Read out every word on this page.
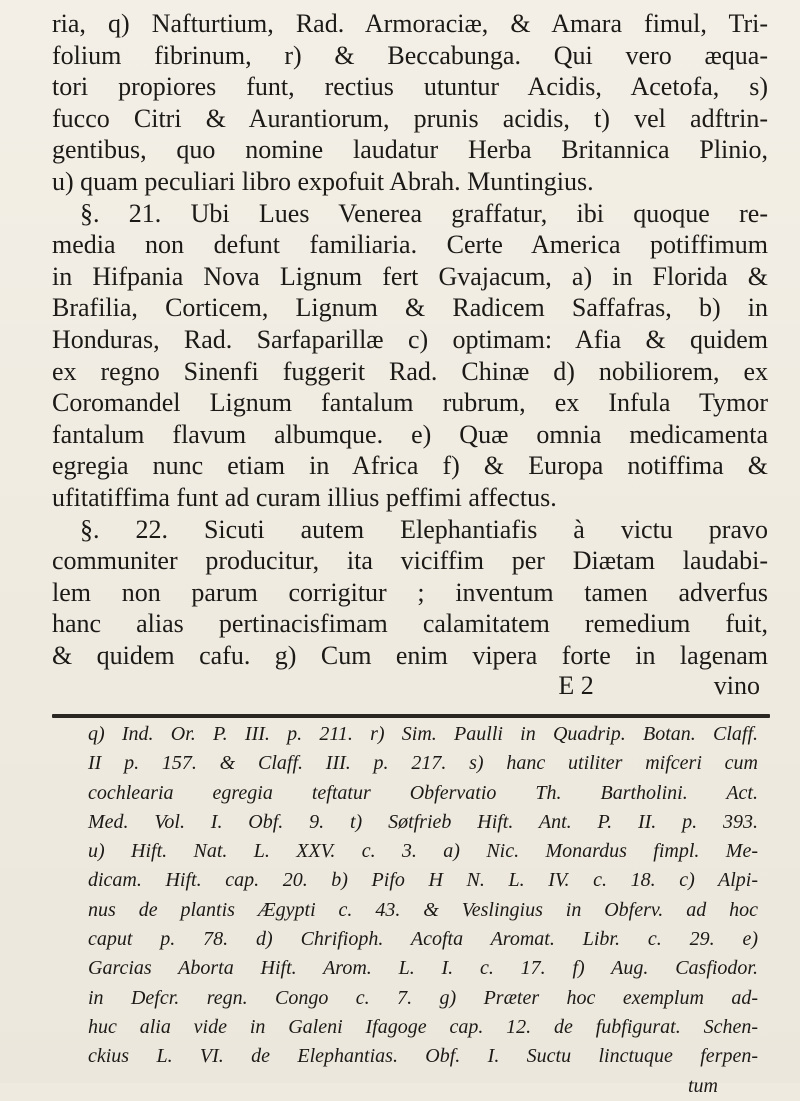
ria, q) Nafturtium, Rad. Armoraciæ, & Amara fimul, Tri-

folium fibrinum, r) & Beccabunga. Qui vero æqua-

tori propiores funt, rectius utuntur Acidis, Acetofa, s)

fucco Citri & Aurantiorum, prunis acidis, t) vel adftrin-

gentibus, quo nomine laudatur Herba Britannica Plinio,

u) quam peculiari libro expofuit Abrah. Muntingius.

§. 21. Ubi Lues Venerea graffatur, ibi quoque re-

media non defunt familiaria. Certe America potiffimum

in Hifpania Nova Lignum fert Gvajacum, a) in Florida &

Brafilia, Corticem, Lignum & Radicem Saffafras, b) in

Honduras, Rad. Sarfaparillæ c) optimam: Afia & quidem

ex regno Sinenfi fuggerit Rad. Chinæ d) nobiliorem, ex

Coromandel Lignum fantalum rubrum, ex Infula Tymor

fantalum flavum albumque. e) Quæ omnia medicamenta

egregia nunc etiam in Africa f) & Europa notiffima &

ufitatiffima funt ad curam illius peffimi affectus.

§. 22. Sicuti autem Elephantiafis à victu pravo

communiter producitur, ita viciffim per Diætam laudabi-

lem non parum corrigitur ; inventum tamen adverfus

hanc alias pertinacisfimam calamitatem remedium fuit,

& quidem cafu. g) Cum enim vipera forte in lagenam

E 2	vino

q) Ind. Or. P. III. p. 211. r) Sim. Paulli in Quadrip. Botan. Claff.

II p. 157. & Claff. III. p. 217. s) hanc utiliter mifceri cum

cochlearia egregia teftatur Obfervatio Th. Bartholini. Act.

Med. Vol. I. Obf. 9. t) Søtfrieb Hift. Ant. P. II. p. 393.

u) Hift. Nat. L. XXV. c. 3. a) Nic. Monardus fimpl. Me-

dicam. Hift. cap. 20. b) Pifo H N. L. IV. c. 18. c) Alpi-

nus de plantis Ægypti c. 43. & Veslingius in Obferv. ad hoc

caput p. 78. d) Chrifioph. Acofta Aromat. Libr. c. 29. e)

Garcias Aborta Hift. Arom. L. I. c. 17. f) Aug. Casfiodor.

in Defcr. regn. Congo c. 7. g) Præter hoc exemplum ad-

huc alia vide in Galeni Ifagoge cap. 12. de fubfigurat. Schen-

ckius L. VI. de Elephantias. Obf. I. Suctu linctuque ferpen-

tum
